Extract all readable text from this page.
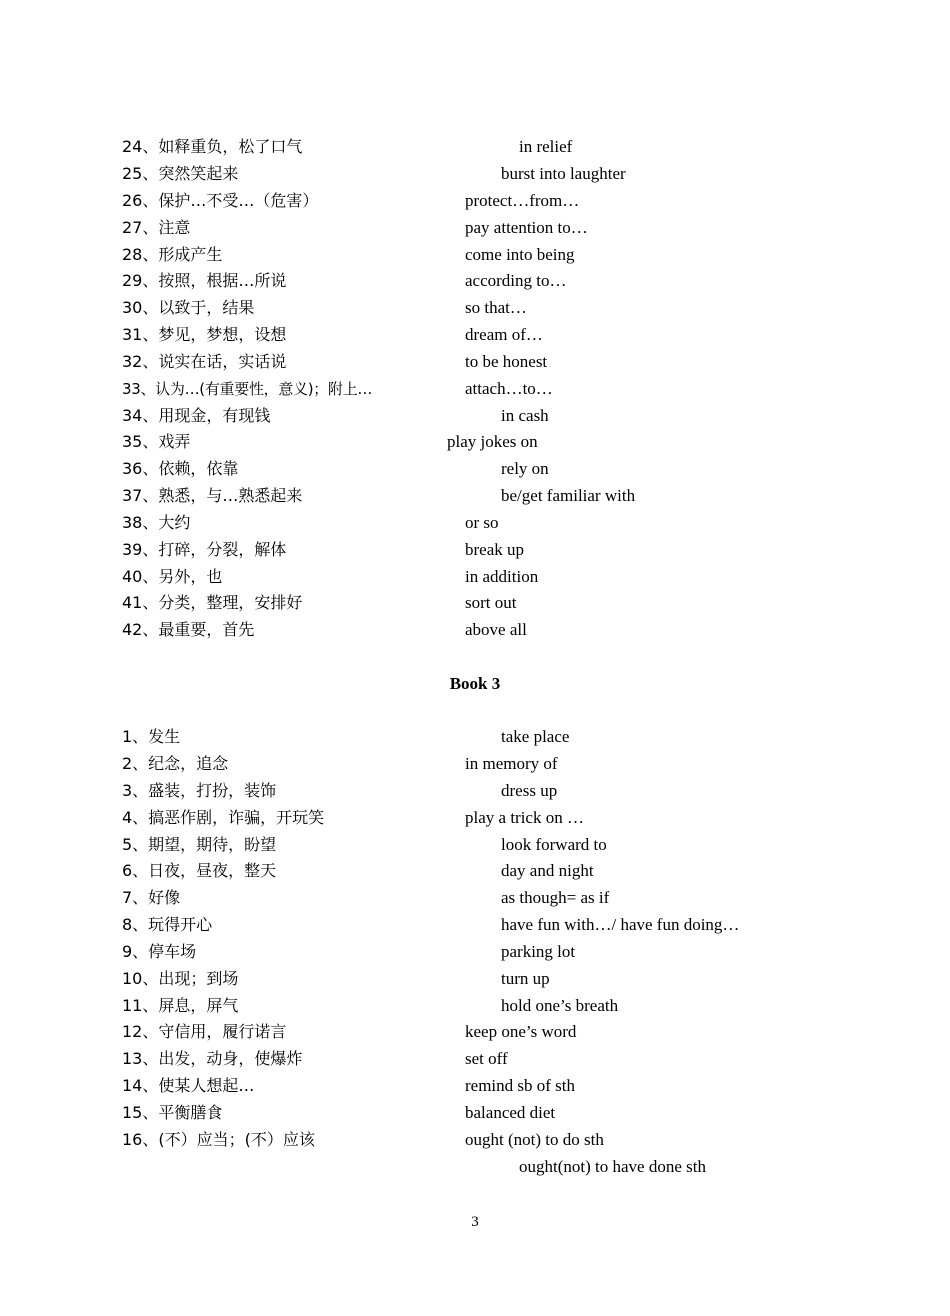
24、如释重负，松了口气	in relief
25、突然笑起来	burst into laughter
26、保护…不受…（危害）	protect…from…
27、注意	pay attention to…
28、形成产生	come into being
29、按照，根据…所说	according to…
30、以致于，结果	so that…
31、梦见，梦想，设想	dream of…
32、说实在话，实话说	to be honest
33、认为…(有重要性，意义)；附上…	attach…to…
34、用现金，有现钱	in cash
35、戏弄	play jokes on
36、依赖，依靠	rely on
37、熟悉，与…熟悉起来	be/get familiar with
38、大约	or so
39、打碎，分裂，解体	break up
40、另外，也	in addition
41、分类，整理，安排好	sort out
42、最重要，首先	above all
Book 3
1、发生	take place
2、纪念，追念	in memory of
3、盛装，打扮，装饰	dress up
4、搞恶作剧，诈骗，开玩笑	play a trick on …
5、期望，期待，盼望	look forward to
6、日夜，昼夜，整天	day and night
7、好像	as though= as if
8、玩得开心	have fun with…/ have fun doing…
9、停车场	parking lot
10、出现；到场	turn up
11、屏息，屏气	hold one’s breath
12、守信用，履行诺言	keep one’s word
13、出发，动身，使爆炸	set off
14、使某人想起…	remind sb of sth
15、平衡膳食	balanced diet
16、(不）应当；(不）应该	ought (not) to do sth
ought(not) to have done sth
3
